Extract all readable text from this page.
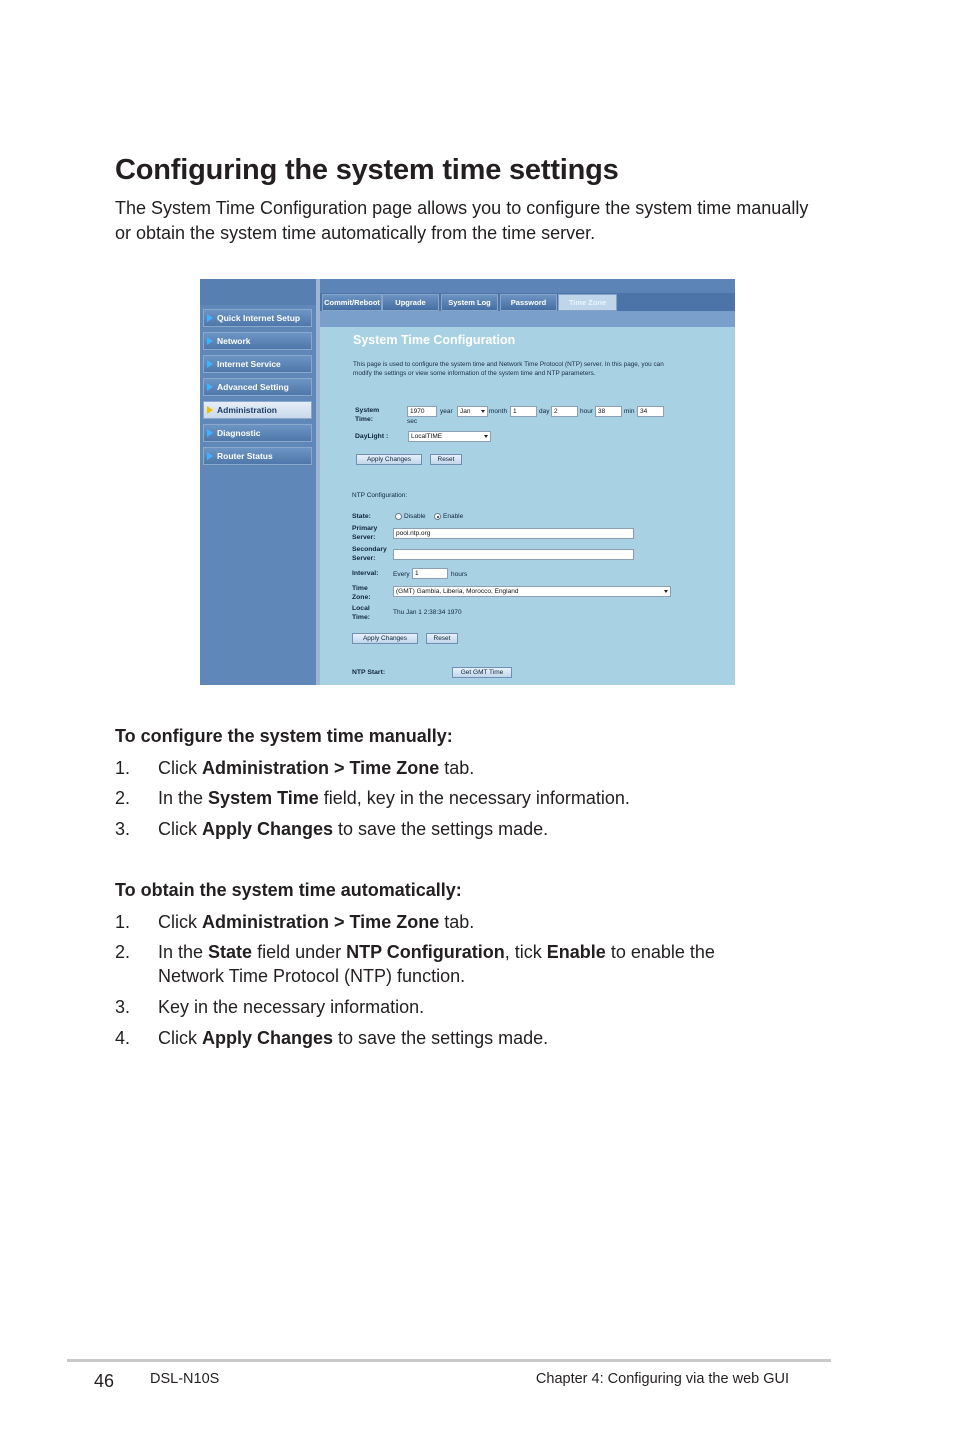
Configuring the system time settings
The System Time Configuration page allows you to configure the system time manually or obtain the system time automatically from the time server.
Quick Internet Setup
Network
Internet Service
Advanced Setting
Administration
Diagnostic
Router Status
Commit/Reboot	Upgrade	System Log	Password	Time Zone
System Time Configuration
This page is used to configure the system time and Network Time Protocol (NTP) server. In this page, you can modify the settings or view some information of the system time and NTP parameters.
System Time:
1970	year	Jan	month 1	day 2	hour 38	min 34
sec
DayLight :	LocalTIME
Apply Changes	Reset
NTP Configuration:
State:	Disable	Enable
Primary Server:	pool.ntp.org
Secondary Server:
Interval: Every 1	hours
Time Zone:
(GMT) Gambia, Liberia, Morocco, England
Local Time:
Thu Jan 1 2:38:34 1970
Apply Changes	Reset
NTP Start:	Get GMT Time
To configure the system time manually:
1. Click Administration > Time Zone tab.
2. In the System Time field, key in the necessary information.
3. Click Apply Changes to save the settings made.
To obtain the system time automatically:
1. Click Administration > Time Zone tab.
2. In the State field under NTP Configuration, tick Enable to enable the Network Time Protocol (NTP) function.
3. Key in the necessary information.
4. Click Apply Changes to save the settings made.
46 DSL-N10S	Chapter 4: Configuring via the web GUI
